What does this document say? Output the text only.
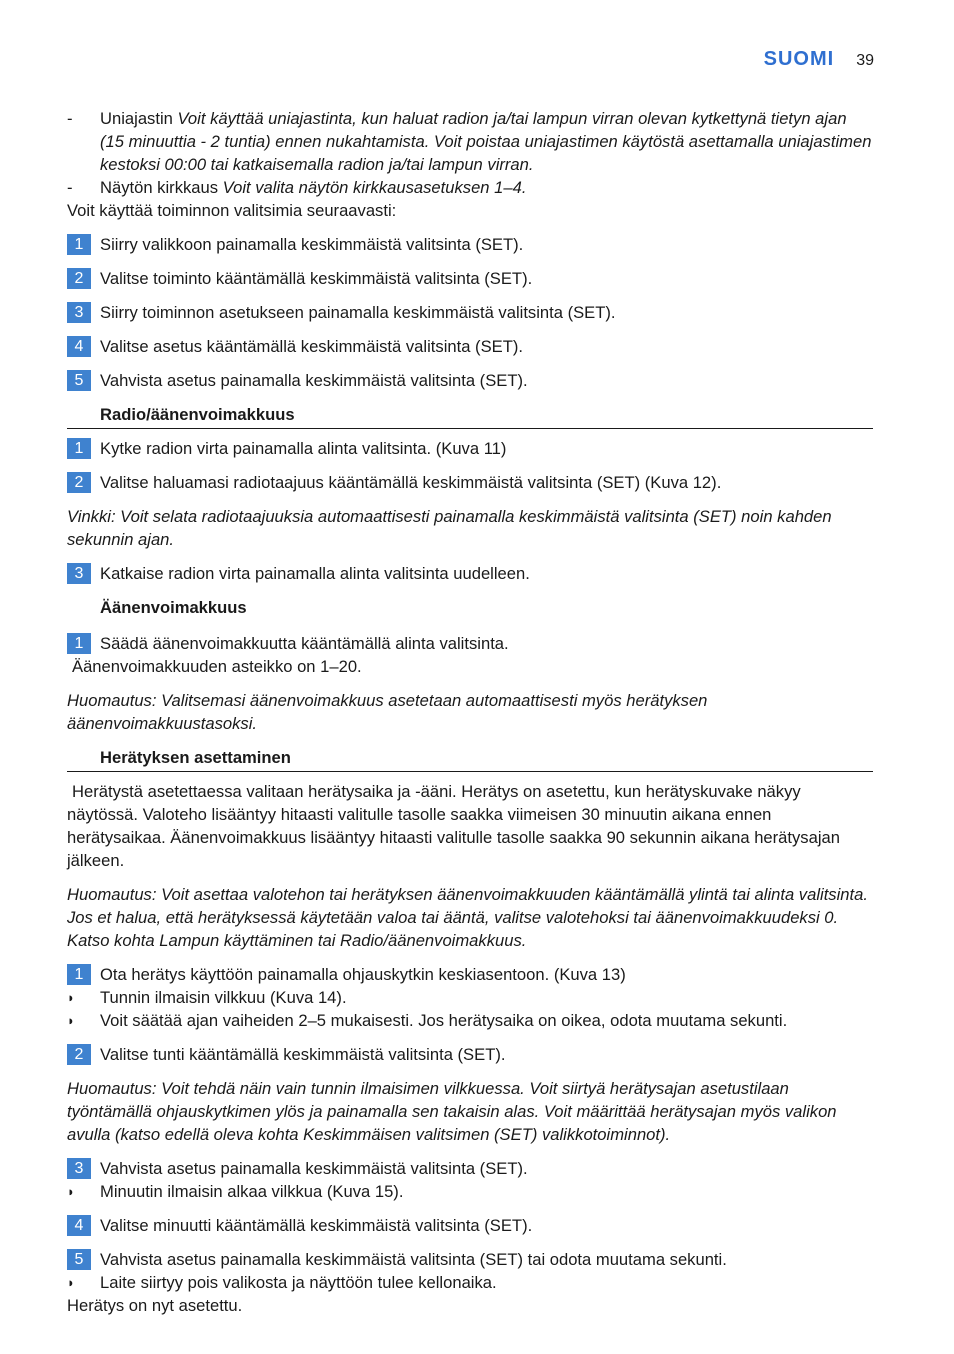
SUOMI 39
- Uniajastin Voit käyttää uniajastinta, kun haluat radion ja/tai lampun virran olevan kytkettynä tietyn ajan (15 minuuttia - 2 tuntia) ennen nukahtamista. Voit poistaa uniajastimen käytöstä asettamalla uniajastimen kestoksi 00:00 tai katkaisemalla radion ja/tai lampun virran.
- Näytön kirkkaus Voit valita näytön kirkkausasetuksen 1–4.

Voit käyttää toiminnon valitsimia seuraavasti:

1 Siirry valikkoon painamalla keskimmäistä valitsinta (SET).
2 Valitse toiminto kääntämällä keskimmäistä valitsinta (SET).
3 Siirry toiminnon asetukseen painamalla keskimmäistä valitsinta (SET).
4 Valitse asetus kääntämällä keskimmäistä valitsinta (SET).
5 Vahvista asetus painamalla keskimmäistä valitsinta (SET).
Radio/äänenvoimakkuus
1 Kytke radion virta painamalla alinta valitsinta. (Kuva 11)
2 Valitse haluamasi radiotaajuus kääntämällä keskimmäistä valitsinta (SET) (Kuva 12).

Vinkki: Voit selata radiotaajuuksia automaattisesti painamalla keskimmäistä valitsinta (SET) noin kahden sekunnin ajan.

3 Katkaise radion virta painamalla alinta valitsinta uudelleen.
Äänenvoimakkuus
1 Säädä äänenvoimakkuutta kääntämällä alinta valitsinta.

Äänenvoimakkuuden asteikko on 1–20.

Huomautus: Valitsemasi äänenvoimakkuus asetetaan automaattisesti myös herätyksen äänenvoimakkuustasoksi.

Herätyksen asettaminen

Herätystä asetettaessa valitaan herätysaika ja -ääni. Herätys on asetettu, kun herätyskuvake näkyy näytössä. Valoteho lisääntyy hitaasti valitulle tasolle saakka viimeisen 30 minuutin aikana ennen herätysaikaa. Äänenvoimakkuus lisääntyy hitaasti valitulle tasolle saakka 90 sekunnin aikana herätysajan jälkeen.

Huomautus: Voit asettaa valotehon tai herätyksen äänenvoimakkuuden kääntämällä ylintä tai alinta valitsinta. Jos et halua, että herätyksessä käytetään valoa tai ääntä, valitse valotehoksi tai äänenvoimakkuudeksi 0. Katso kohta Lampun käyttäminen tai Radio/äänenvoimakkuus.

1 Ota herätys käyttöön painamalla ohjauskytkin keskiasentoon. (Kuva 13)
◗ Tunnin ilmaisin vilkkuu (Kuva 14).
◗ Voit säätää ajan vaiheiden 2–5 mukaisesti. Jos herätysaika on oikea, odota muutama sekunti.
2 Valitse tunti kääntämällä keskimmäistä valitsinta (SET).

Huomautus: Voit tehdä näin vain tunnin ilmaisimen vilkkuessa. Voit siirtyä herätysajan asetustilaan työntämällä ohjauskytkimen ylös ja painamalla sen takaisin alas. Voit määrittää herätysajan myös valikon avulla (katso edellä oleva kohta Keskimmäisen valitsimen (SET) valikkotoiminnot).

3 Vahvista asetus painamalla keskimmäistä valitsinta (SET).
◗ Minuutin ilmaisin alkaa vilkkua (Kuva 15).
4 Valitse minuutti kääntämällä keskimmäistä valitsinta (SET).
5 Vahvista asetus painamalla keskimmäistä valitsinta (SET) tai odota muutama sekunti.
◗ Laite siirtyy pois valikosta ja näyttöön tulee kellonaika.

Herätys on nyt asetettu.
